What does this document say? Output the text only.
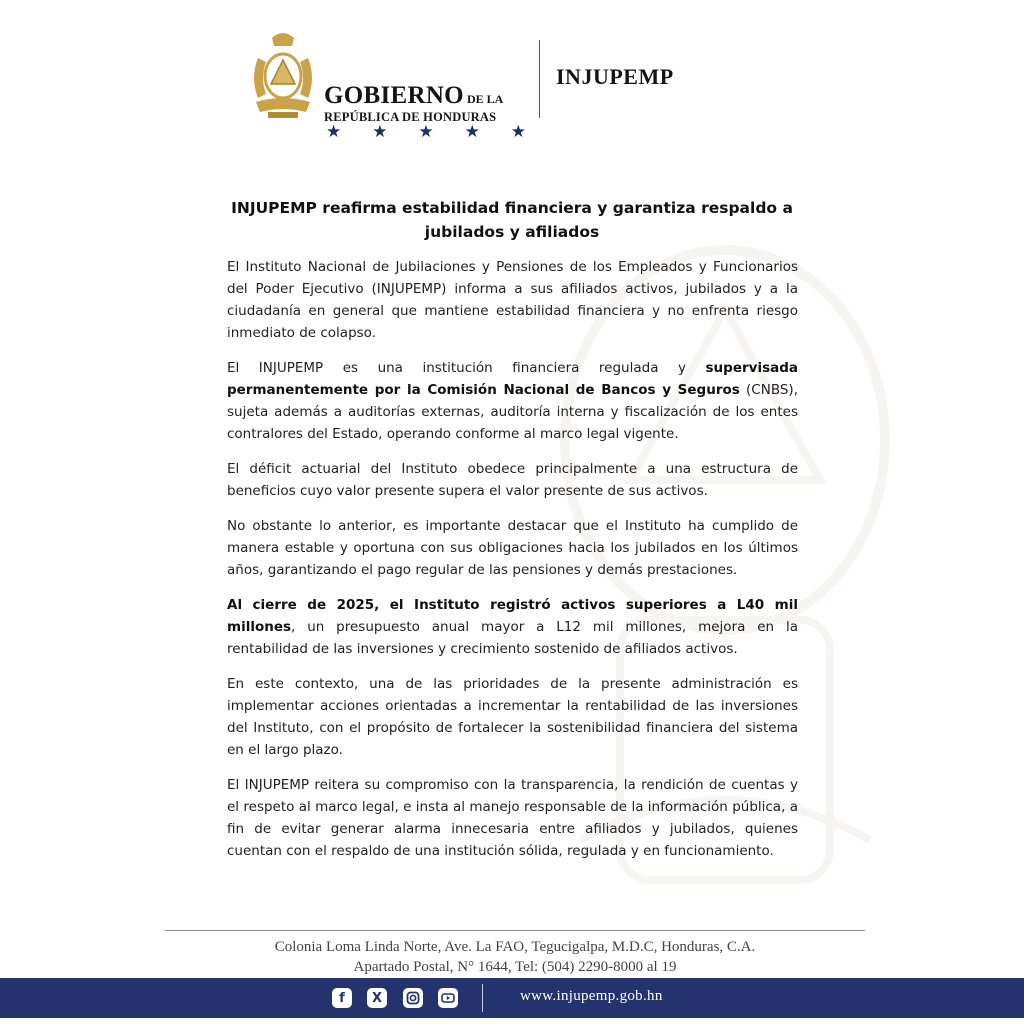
GOBIERNO DE LA
REPÚBLICA DE HONDURAS
★ ★ ★ ★ ★
INJUPEMP
INJUPEMP reafirma estabilidad financiera y garantiza respaldo a
jubilados y afiliados

El Instituto Nacional de Jubilaciones y Pensiones de los Empleados y Funcionarios del Poder Ejecutivo (INJUPEMP) informa a sus afiliados activos, jubilados y a la ciudadanía en general que mantiene estabilidad financiera y no enfrenta riesgo inmediato de colapso.

El INJUPEMP es una institución financiera regulada y supervisada permanentemente por la Comisión Nacional de Bancos y Seguros (CNBS), sujeta además a auditorías externas, auditoría interna y fiscalización de los entes contralores del Estado, operando conforme al marco legal vigente.

El déficit actuarial del Instituto obedece principalmente a una estructura de beneficios cuyo valor presente supera el valor presente de sus activos.

No obstante lo anterior, es importante destacar que el Instituto ha cumplido de manera estable y oportuna con sus obligaciones hacia los jubilados en los últimos años, garantizando el pago regular de las pensiones y demás prestaciones.

Al cierre de 2025, el Instituto registró activos superiores a L40 mil millones, un presupuesto anual mayor a L12 mil millones, mejora en la rentabilidad de las inversiones y crecimiento sostenido de afiliados activos.

En este contexto, una de las prioridades de la presente administración es implementar acciones orientadas a incrementar la rentabilidad de las inversiones del Instituto, con el propósito de fortalecer la sostenibilidad financiera del sistema en el largo plazo.

El INJUPEMP reitera su compromiso con la transparencia, la rendición de cuentas y el respeto al marco legal, e insta al manejo responsable de la información pública, a fin de evitar generar alarma innecesaria entre afiliados y jubilados, quienes cuentan con el respaldo de una institución sólida, regulada y en funcionamiento.

Colonia Loma Linda Norte, Ave. La FAO, Tegucigalpa, M.D.C, Honduras, C.A.
Apartado Postal, N° 1644, Tel: (504) 2290-8000 al 19
f X	www.injupemp.gob.hn
